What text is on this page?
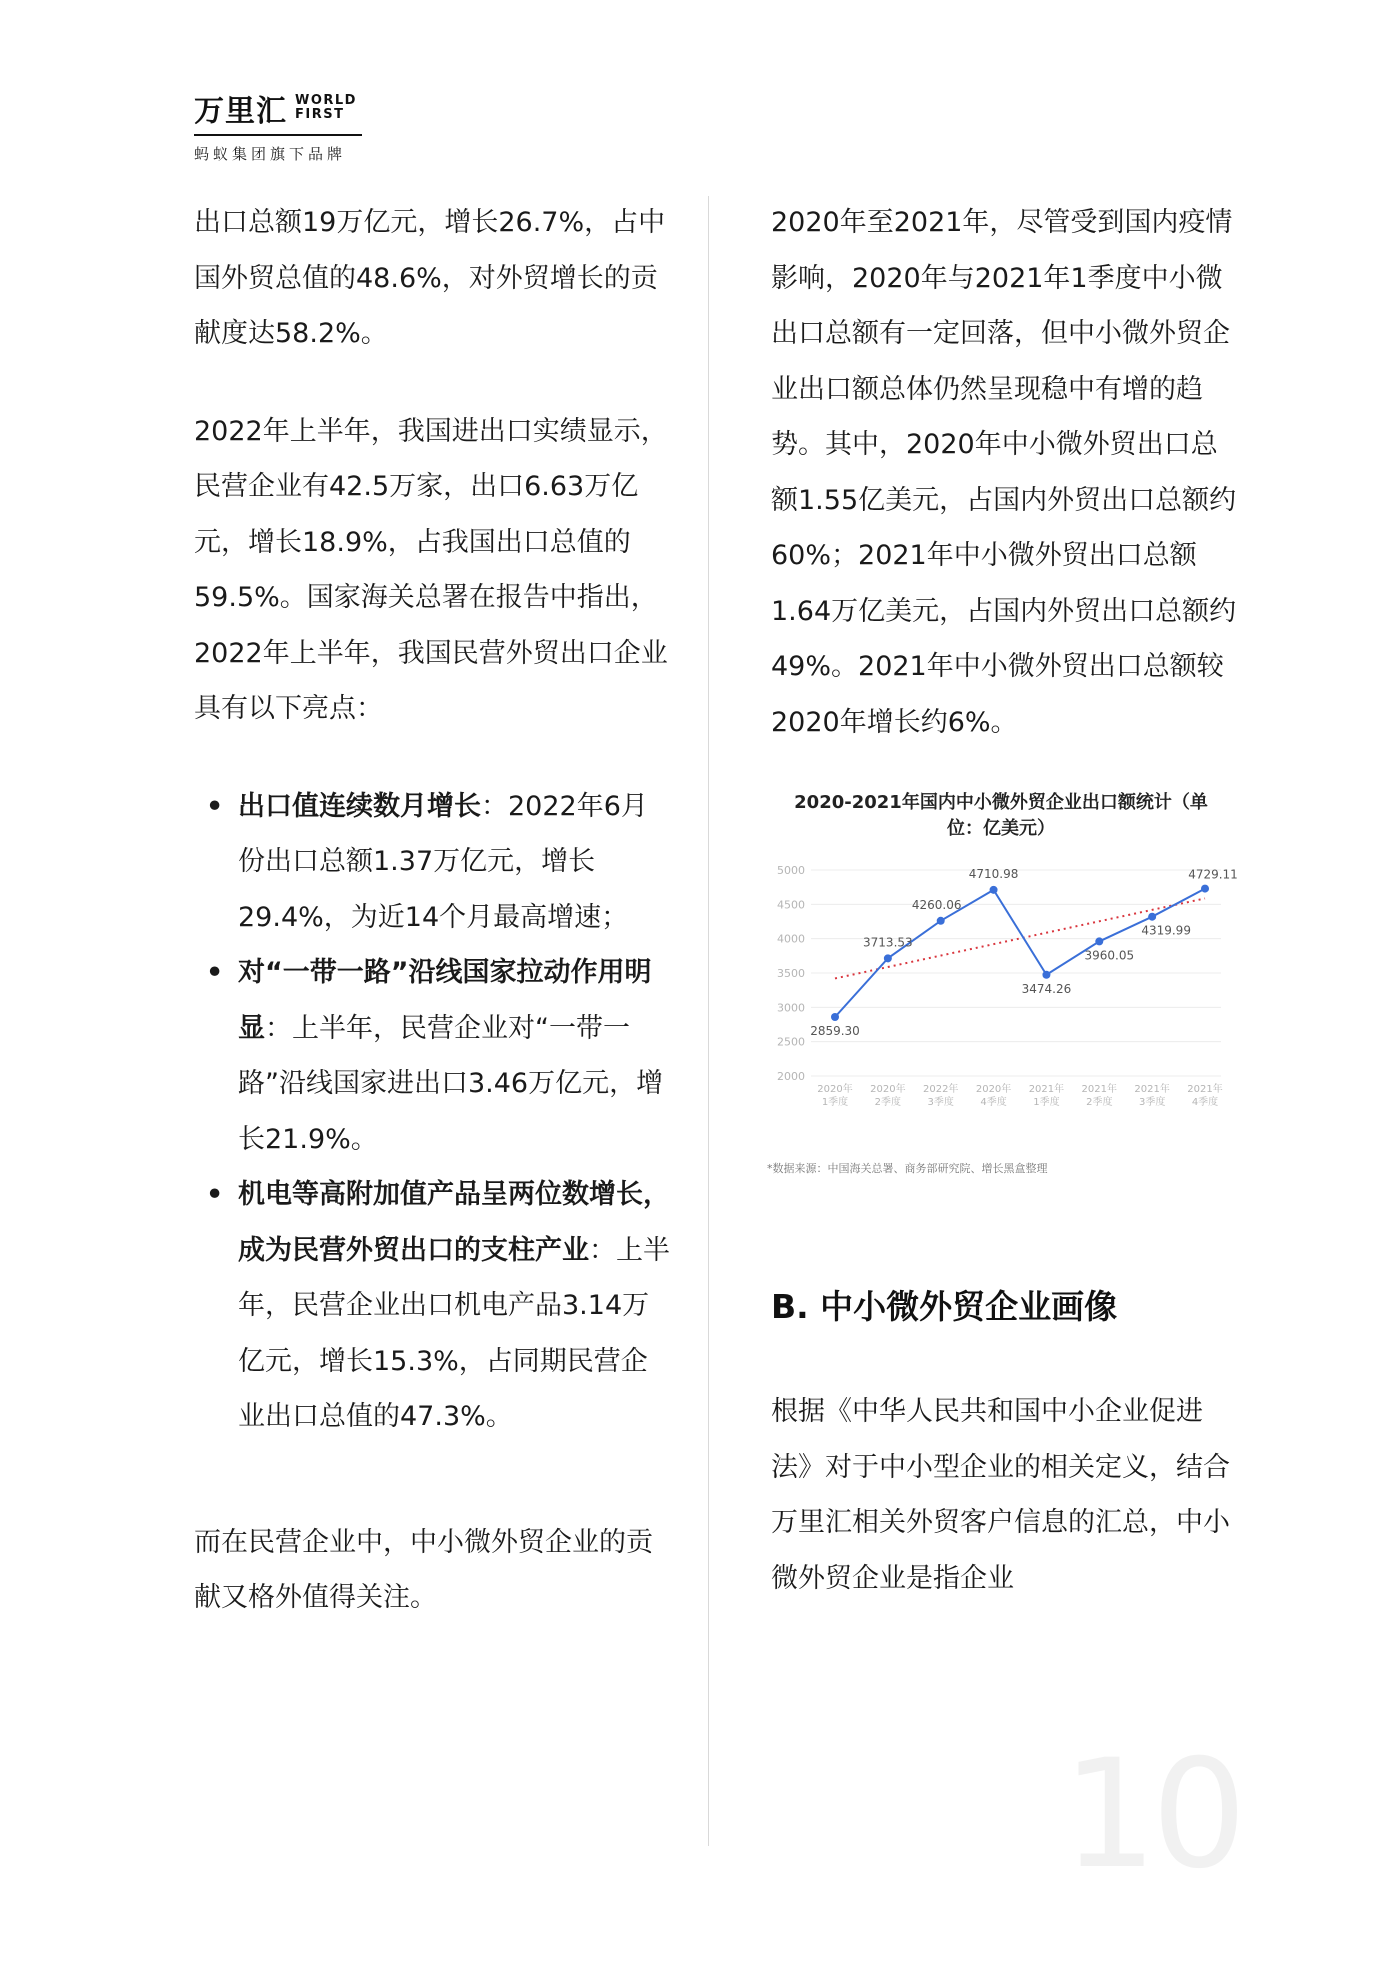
万里汇 WORLD
FIRST
蚂蚁集团旗下品牌

出口总额19万亿元，增长26.7%，占中国外贸总值的48.6%，对外贸增长的贡献度达58.2%。

2022年上半年，我国进出口实绩显示，民营企业有42.5万家，出口6.63万亿元，增长18.9%，占我国出口总值的59.5%。国家海关总署在报告中指出，2022年上半年，我国民营外贸出口企业具有以下亮点：

• 出口值连续数月增长：2022年6月份出口总额1.37万亿元，增长29.4%，为近14个月最高增速；
• 对“一带一路”沿线国家拉动作用明显：上半年，民营企业对“一带一路”沿线国家进出口3.46万亿元，增长21.9%。
• 机电等高附加值产品呈两位数增长，成为民营外贸出口的支柱产业：上半年，民营企业出口机电产品3.14万亿元，增长15.3%，占同期民营企业出口总值的47.3%。

而在民营企业中，中小微外贸企业的贡献又格外值得关注。

2020年至2021年，尽管受到国内疫情影响，2020年与2021年1季度中小微出口总额有一定回落，但中小微外贸企业出口额总体仍然呈现稳中有增的趋势。其中，2020年中小微外贸出口总额1.55亿美元，占国内外贸出口总额约60%；2021年中小微外贸出口总额1.64万亿美元，占国内外贸出口总额约49%。2021年中小微外贸出口总额较2020年增长约6%。

2020-2021年国内中小微外贸企业出口额统计（单位：亿美元）
2000
2500
3000
3500
4000
4500
5000
2020年
1季度
2020年
2季度
2022年
3季度
2020年
4季度
2021年
1季度
2021年
2季度
2021年
3季度
2021年
4季度
2859.30
3713.53
4260.06
4710.98
3474.26
3960.05
4319.99
4729.11
*数据来源：中国海关总署、商务部研究院、增长黑盒整理
B. 中小微外贸企业画像

根据《中华人民共和国中小企业促进法》对于中小型企业的相关定义，结合万里汇相关外贸客户信息的汇总，中小微外贸企业是指企业

10
